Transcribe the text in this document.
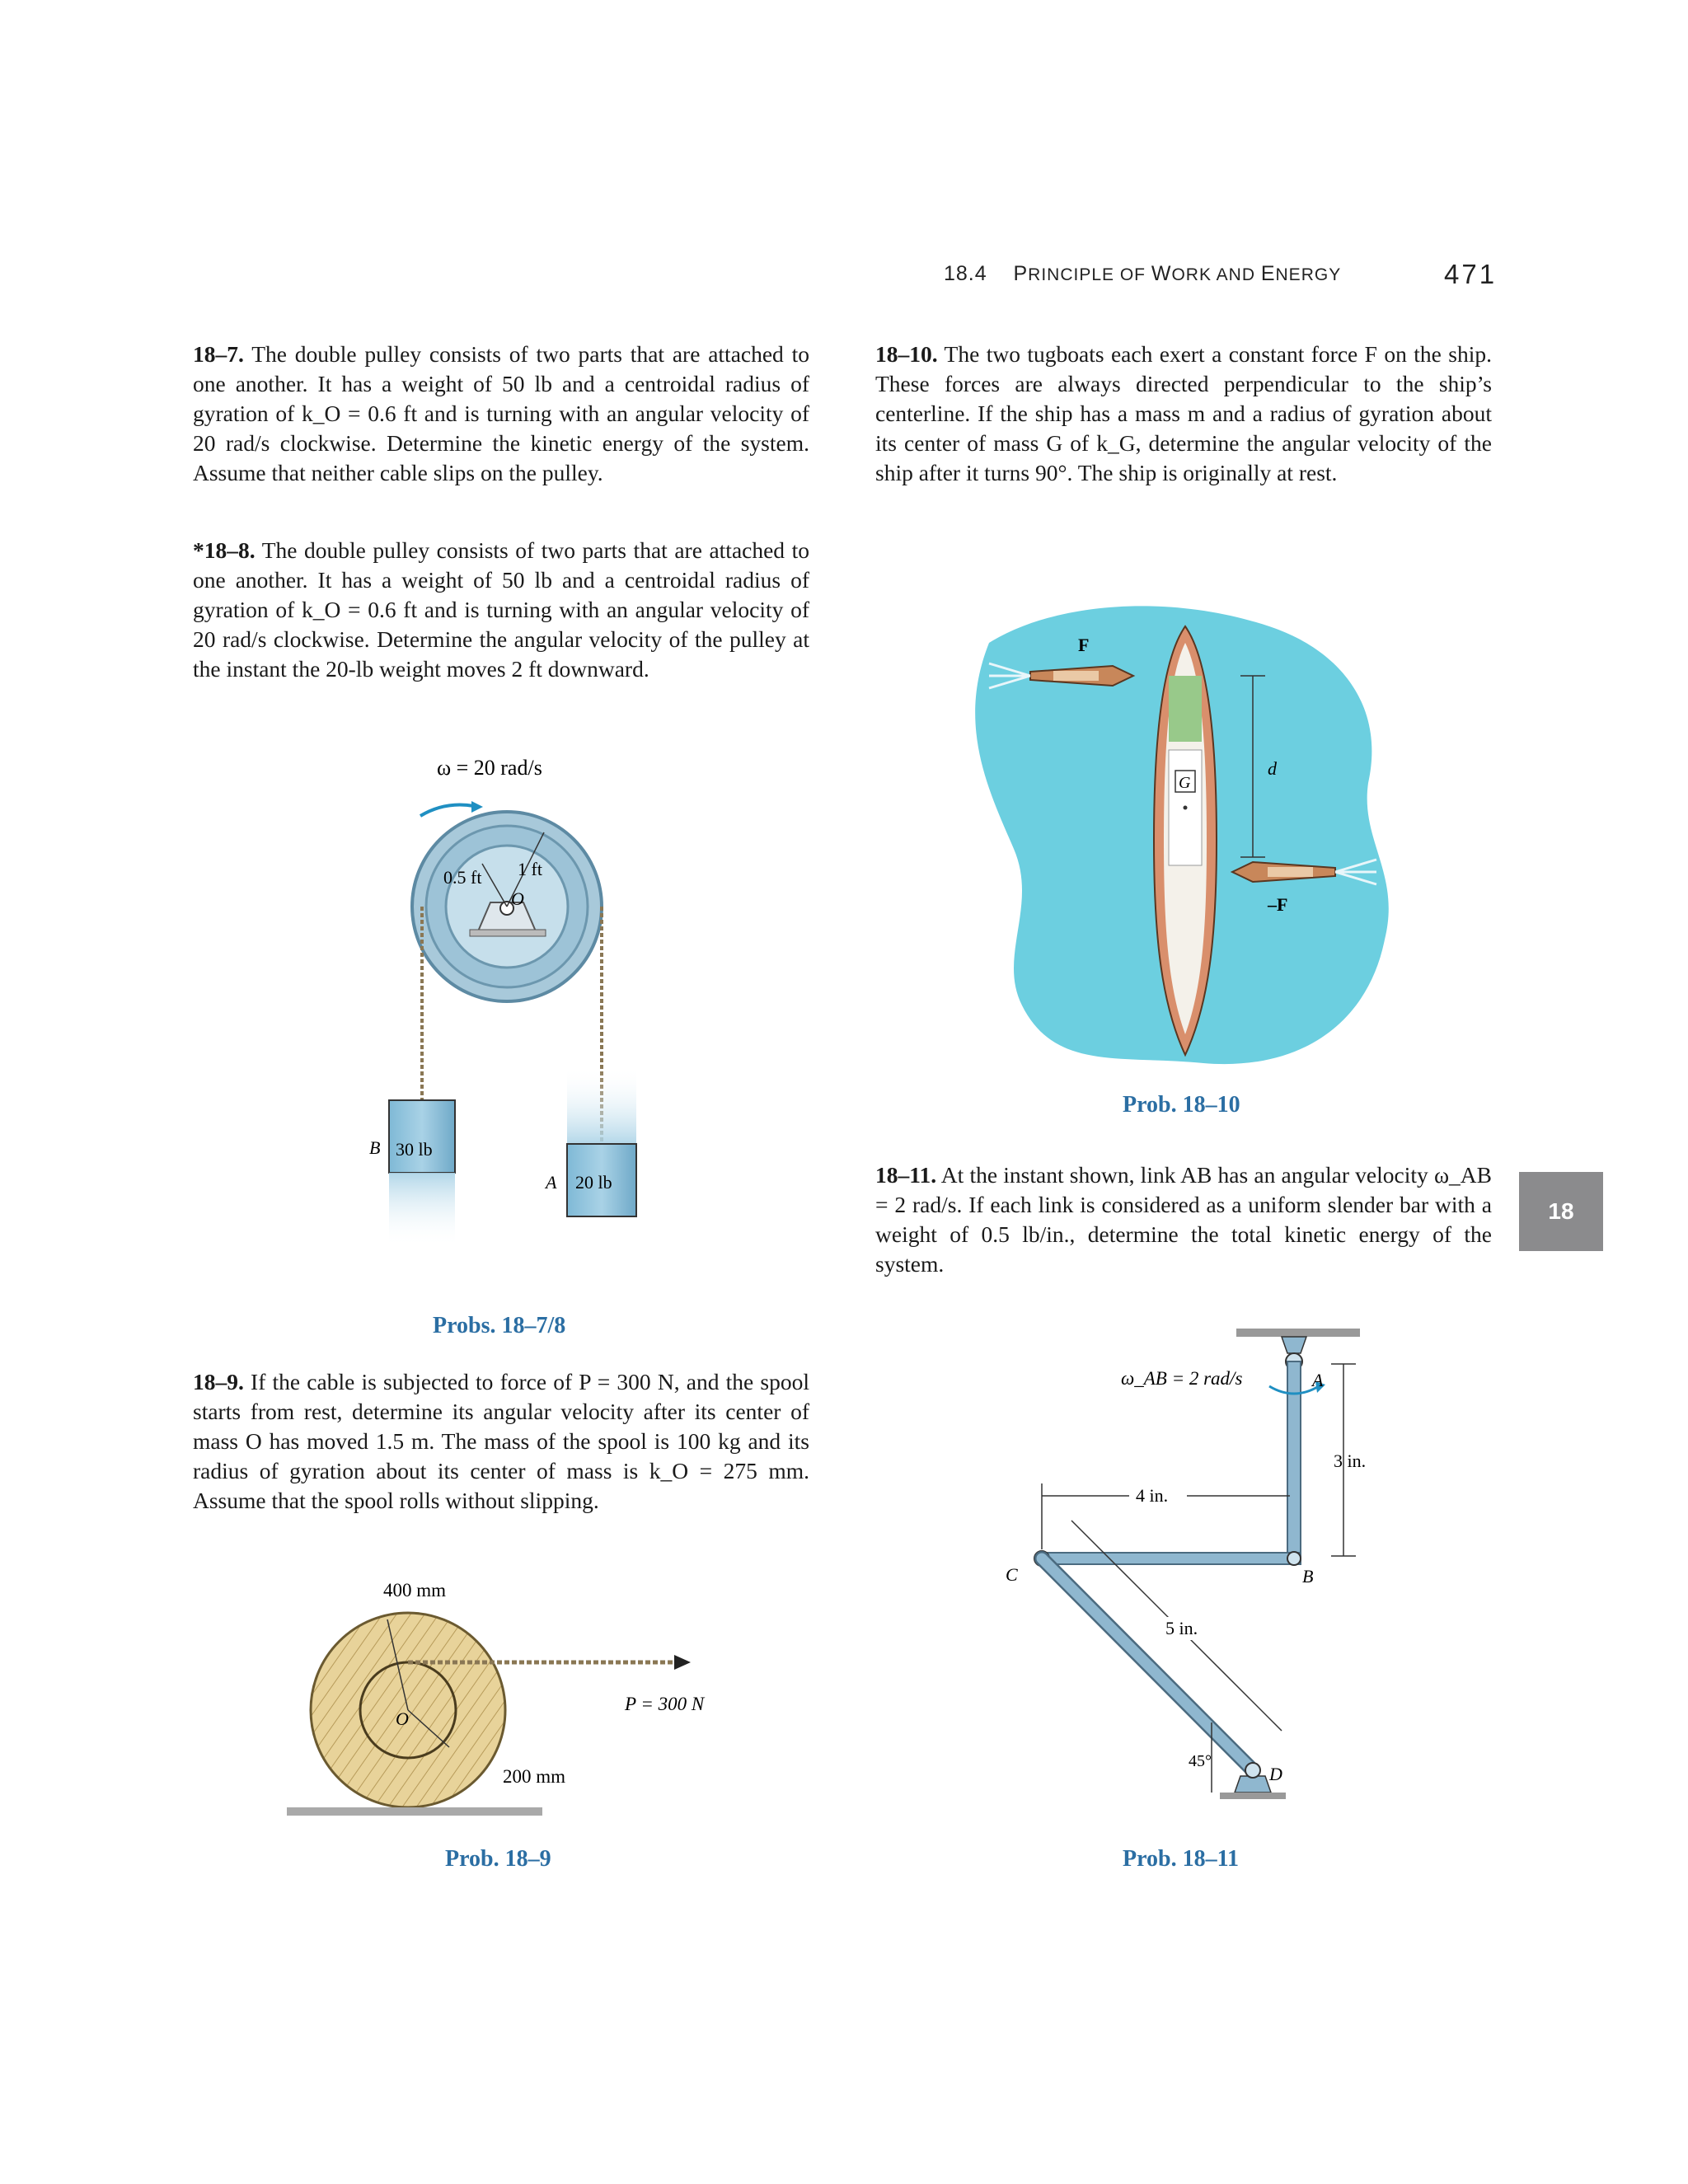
18.4 PRINCIPLE OF WORK AND ENERGY	471
18
18–7. The double pulley consists of two parts that are attached to one another. It has a weight of 50 lb and a centroidal radius of gyration of k_O = 0.6 ft and is turning with an angular velocity of 20 rad/s clockwise. Determine the kinetic energy of the system. Assume that neither cable slips on the pulley.
*18–8. The double pulley consists of two parts that are attached to one another. It has a weight of 50 lb and a centroidal radius of gyration of k_O = 0.6 ft and is turning with an angular velocity of 20 rad/s clockwise. Determine the angular velocity of the pulley at the instant the 20-lb weight moves 2 ft downward.
18–9. If the cable is subjected to force of P = 300 N, and the spool starts from rest, determine its angular velocity after its center of mass O has moved 1.5 m. The mass of the spool is 100 kg and its radius of gyration about its center of mass is k_O = 275 mm. Assume that the spool rolls without slipping.
18–10. The two tugboats each exert a constant force F on the ship. These forces are always directed perpendicular to the ship’s centerline. If the ship has a mass m and a radius of gyration about its center of mass G of k_G, determine the angular velocity of the ship after it turns 90°. The ship is originally at rest.
18–11. At the instant shown, link AB has an angular velocity ω_AB = 2 rad/s. If each link is considered as a uniform slender bar with a weight of 0.5 lb/in., determine the total kinetic energy of the system.
ω = 20 rad/s
0.5 ft 1 ft
O
B 30 lb
A 20 lb
Probs. 18–7/8
400 mm
O
200 mm
P = 300 N
Prob. 18–9
F
G
d
–F
Prob. 18–10
ω_AB = 2 rad/s	A
B
C
D
3 in.
4 in.
5 in.
45°
Prob. 18–11
